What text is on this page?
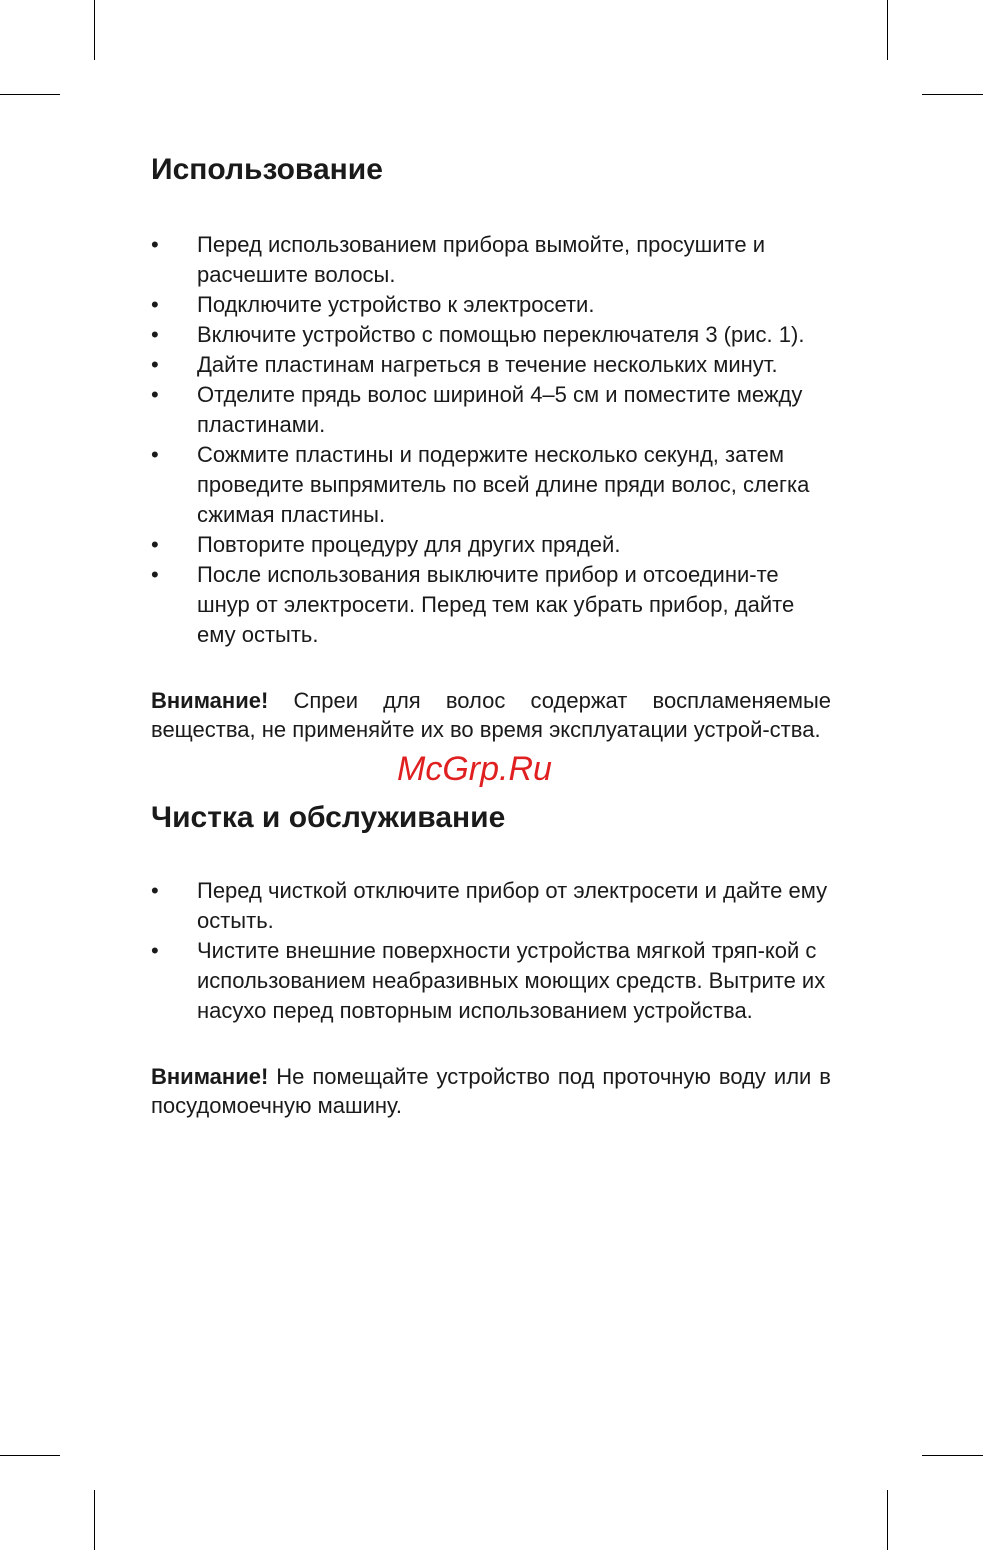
Использование
• Перед использованием прибора вымойте, просушите и расчешите волосы.
• Подключите устройство к электросети.
• Включите устройство с помощью переключателя 3 (рис. 1).
• Дайте пластинам нагреться в течение нескольких минут.
• Отделите прядь волос шириной 4–5 см и поместите между пластинами.
• Сожмите пластины и подержите несколько секунд, затем проведите выпрямитель по всей длине пряди волос, слегка сжимая пластины.
• Повторите процедуру для других прядей.
• После использования выключите прибор и отсоедини-те шнур от электросети. Перед тем как убрать прибор, дайте ему остыть.

Внимание! Спреи для волос содержат воспламеняемые вещества, не применяйте их во время эксплуатации устрой-ства.

Чистка и обслуживание
• Перед чисткой отключите прибор от электросети и дайте ему остыть.
• Чистите внешние поверхности устройства мягкой тряп-кой с использованием неабразивных моющих средств. Вытрите их насухо перед повторным использованием устройства.

Внимание! Не помещайте устройство под проточную воду или в посудомоечную машину.

McGrp.Ru
